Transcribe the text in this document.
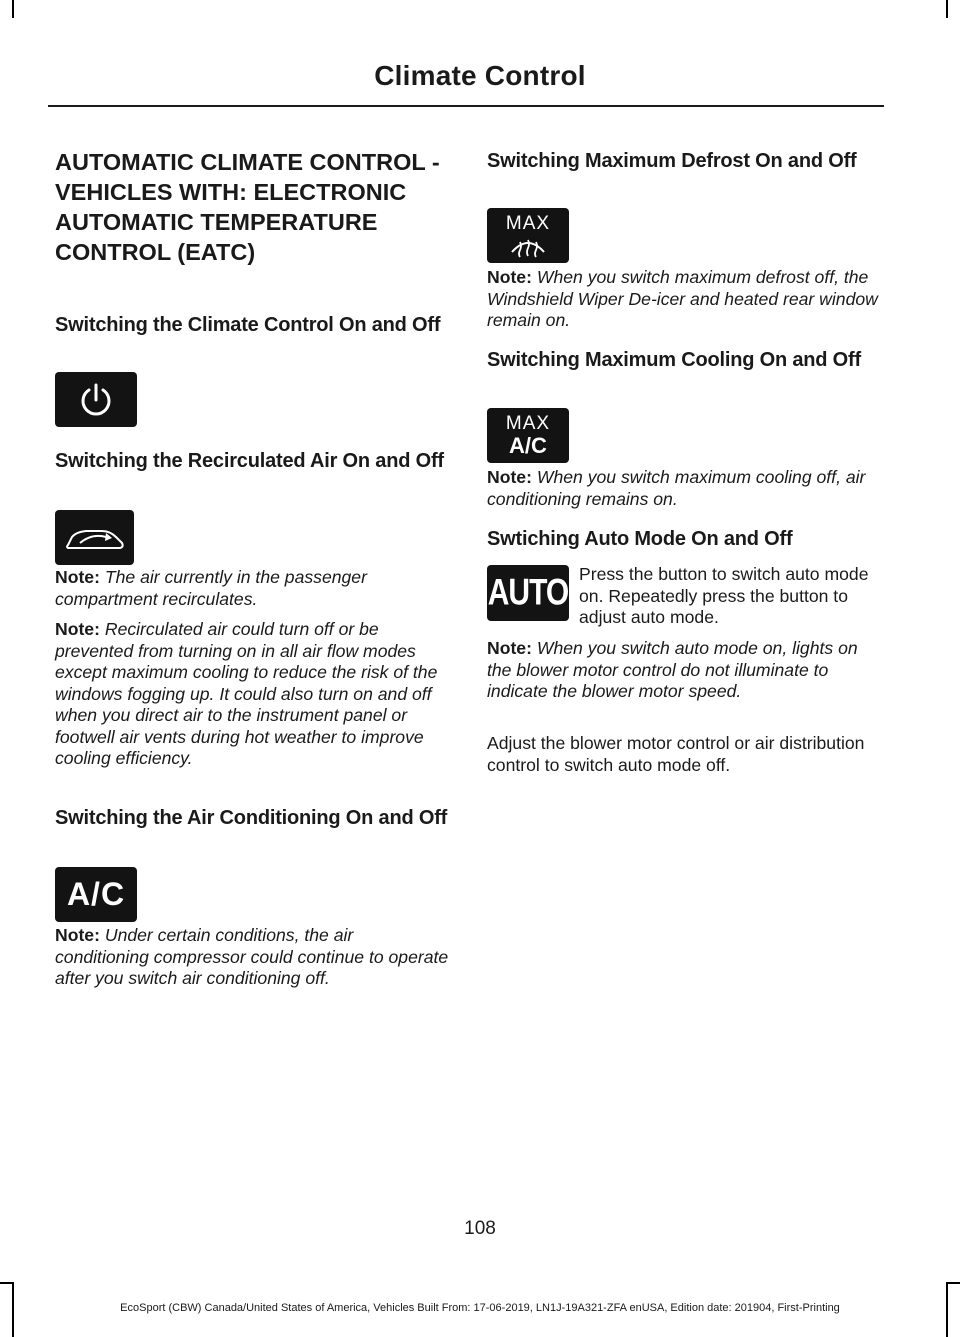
Climate Control
AUTOMATIC CLIMATE CONTROL - VEHICLES WITH: ELECTRONIC AUTOMATIC TEMPERATURE CONTROL (EATC)
Switching the Climate Control On and Off
Switching the Recirculated Air On and Off

Note: The air currently in the passenger compartment recirculates.

Note: Recirculated air could turn off or be prevented from turning on in all air flow modes except maximum cooling to reduce the risk of the windows fogging up. It could also turn on and off when you direct air to the instrument panel or footwell air vents during hot weather to improve cooling efficiency.

Switching the Air Conditioning On and Off
A/C

Note: Under certain conditions, the air conditioning compressor could continue to operate after you switch air conditioning off.

Switching Maximum Defrost On and Off
MAX

Note: When you switch maximum defrost off, the Windshield Wiper De-icer and heated rear window remain on.

Switching Maximum Cooling On and Off
MAX
A/C

Note: When you switch maximum cooling off, air conditioning remains on.

Swtiching Auto Mode On and Off
AUTO Press the button to switch auto mode on. Repeatedly press the button to adjust auto mode.

Note: When you switch auto mode on, lights on the blower motor control do not illuminate to indicate the blower motor speed.

Adjust the blower motor control or air distribution control to switch auto mode off.

108
EcoSport (CBW) Canada/United States of America, Vehicles Built From: 17-06-2019, LN1J-19A321-ZFA enUSA, Edition date: 201904, First-Printing
